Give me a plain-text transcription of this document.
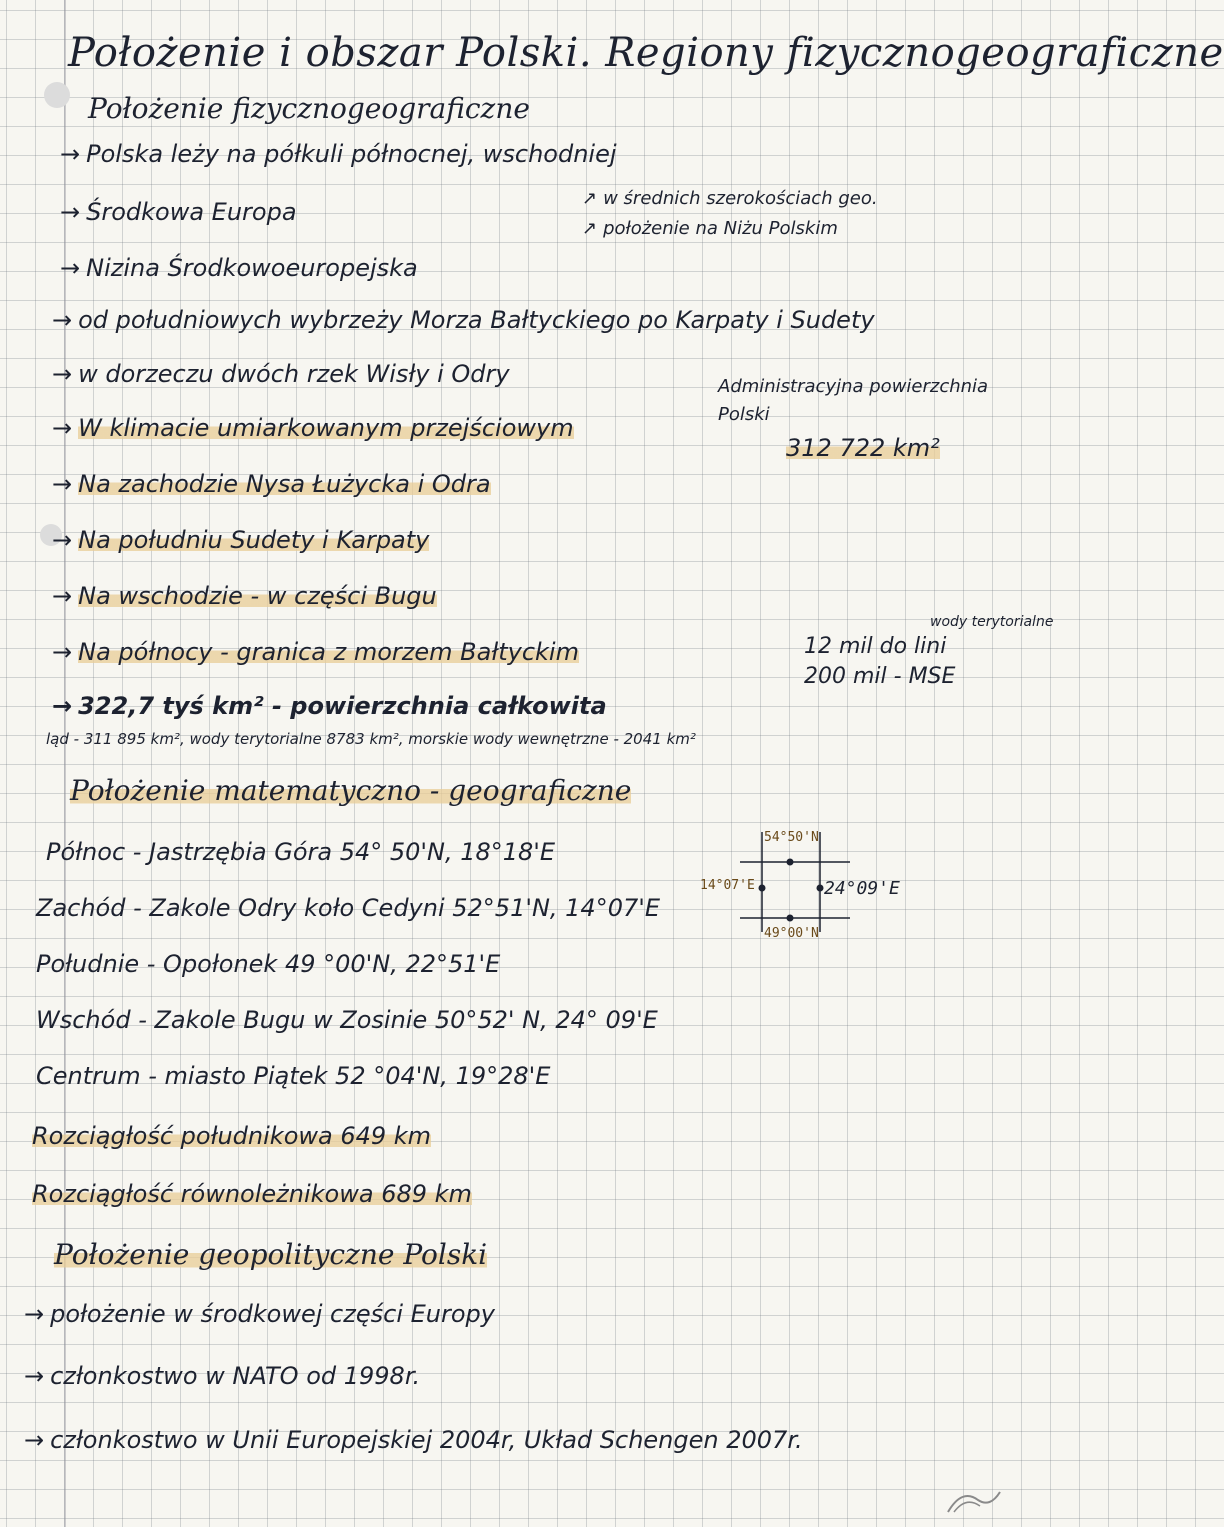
Położenie i obszar Polski. Regiony fizycznogeograficzne
Położenie fizycznogeograficzne
→ Polska leży na półkuli północnej, wschodniej
→ Środkowa Europa	↗ w średnich szerokościach geo.
↗ położenie na Niżu Polskim
→ Nizina Środkowoeuropejska
→ od południowych wybrzeży Morza Bałtyckiego po Karpaty i Sudety
→ w dorzeczu dwóch rzek Wisły i Odry
→ W klimacie umiarkowanym przejściowym
Administracyjna powierzchnia
Polski
312 722 km²
→ Na zachodzie Nysa Łużycka i Odra
→ Na południu Sudety i Karpaty
→ Na wschodzie - w części Bugu
wody terytorialne
→ Na północy - granica z morzem Bałtyckim	12 mil do lini
200 mil - MSE
→ 322,7 tyś km² - powierzchnia całkowita
ląd - 311 895 km², wody terytorialne 8783 km², morskie wody wewnętrzne - 2041 km²
Położenie matematyczno - geograficzne
Północ - Jastrzębia Góra 54° 50'N, 18°18'E
Zachód - Zakole Odry koło Cedyni 52°51'N, 14°07'E
Południe - Opołonek 49 °00'N, 22°51'E
Wschód - Zakole Bugu w Zosinie 50°52' N, 24° 09'E
Centrum - miasto Piątek 52 °04'N, 19°28'E
Rozciągłość południkowa 649 km
Rozciągłość równoleżnikowa 689 km
54°50'N
14°07'E	24°09'E
49°00'N
Położenie geopolityczne Polski
→ położenie w środkowej części Europy
→ członkostwo w NATO od 1998r.
→ członkostwo w Unii Europejskiej 2004r, Układ Schengen 2007r.
